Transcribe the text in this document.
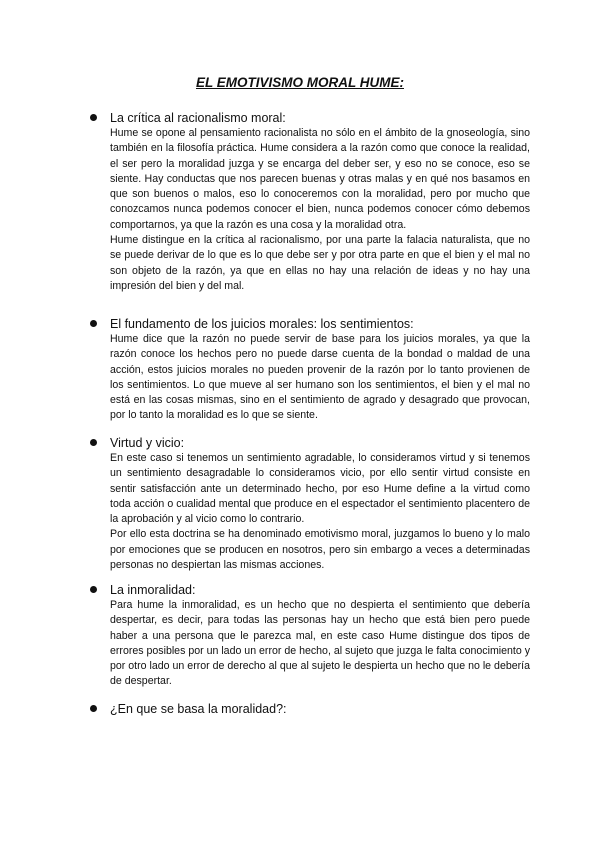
EL EMOTIVISMO MORAL HUME:

La crítica al racionalismo moral:

Hume se opone al pensamiento racionalista no sólo en el ámbito de la gnoseología, sino también en la filosofía práctica. Hume considera a la razón como que conoce la realidad, el ser pero la moralidad juzga y se encarga del deber ser, y eso no se conoce, eso se siente. Hay conductas que nos parecen buenas y otras malas y en qué nos basamos en que son buenos o malos, eso lo conoceremos con la moralidad, pero por mucho que conozcamos nunca podemos conocer el bien, nunca podemos conocer cómo debemos comportarnos, ya que la razón es una cosa y la moralidad otra.

Hume distingue en la crítica al racionalismo, por una parte la falacia naturalista, que no se puede derivar de lo que es lo que debe ser y por otra parte en que el bien y el mal no son objeto de la razón, ya que en ellas no hay una relación de ideas y no hay una impresión del bien y del mal.

El fundamento de los juicios morales: los sentimientos:

Hume dice que la razón no puede servir de base para los juicios morales, ya que la razón conoce los hechos pero no puede darse cuenta de la bondad o maldad de una acción, estos juicios morales no pueden provenir de la razón por lo tanto provienen de los sentimientos. Lo que mueve al ser humano son los sentimientos, el bien y el mal no está en las cosas mismas, sino en el sentimiento de agrado y desagrado que provocan, por lo tanto la moralidad es lo que se siente.

Virtud y vicio:

En este caso si tenemos un sentimiento agradable, lo consideramos virtud y si tenemos un sentimiento desagradable lo consideramos vicio, por ello sentir virtud consiste en sentir satisfacción ante un determinado hecho, por eso Hume define a la virtud como toda acción o cualidad mental que produce en el espectador el sentimiento placentero de la aprobación y al vicio como lo contrario.

Por ello esta doctrina se ha denominado emotivismo moral, juzgamos lo bueno y lo malo por emociones que se producen en nosotros, pero sin embargo a veces a determinadas personas no despiertan las mismas acciones.

La inmoralidad:

Para hume la inmoralidad, es un hecho que no despierta el sentimiento que debería despertar, es decir, para todas las personas hay un hecho que está bien pero puede haber a una persona que le parezca mal, en este caso Hume distingue dos tipos de errores posibles por un lado un error de hecho, al sujeto que juzga le falta conocimiento y por otro lado un error de derecho al que al sujeto le despierta un hecho que no le debería de despertar.

¿En que se basa la moralidad?:
